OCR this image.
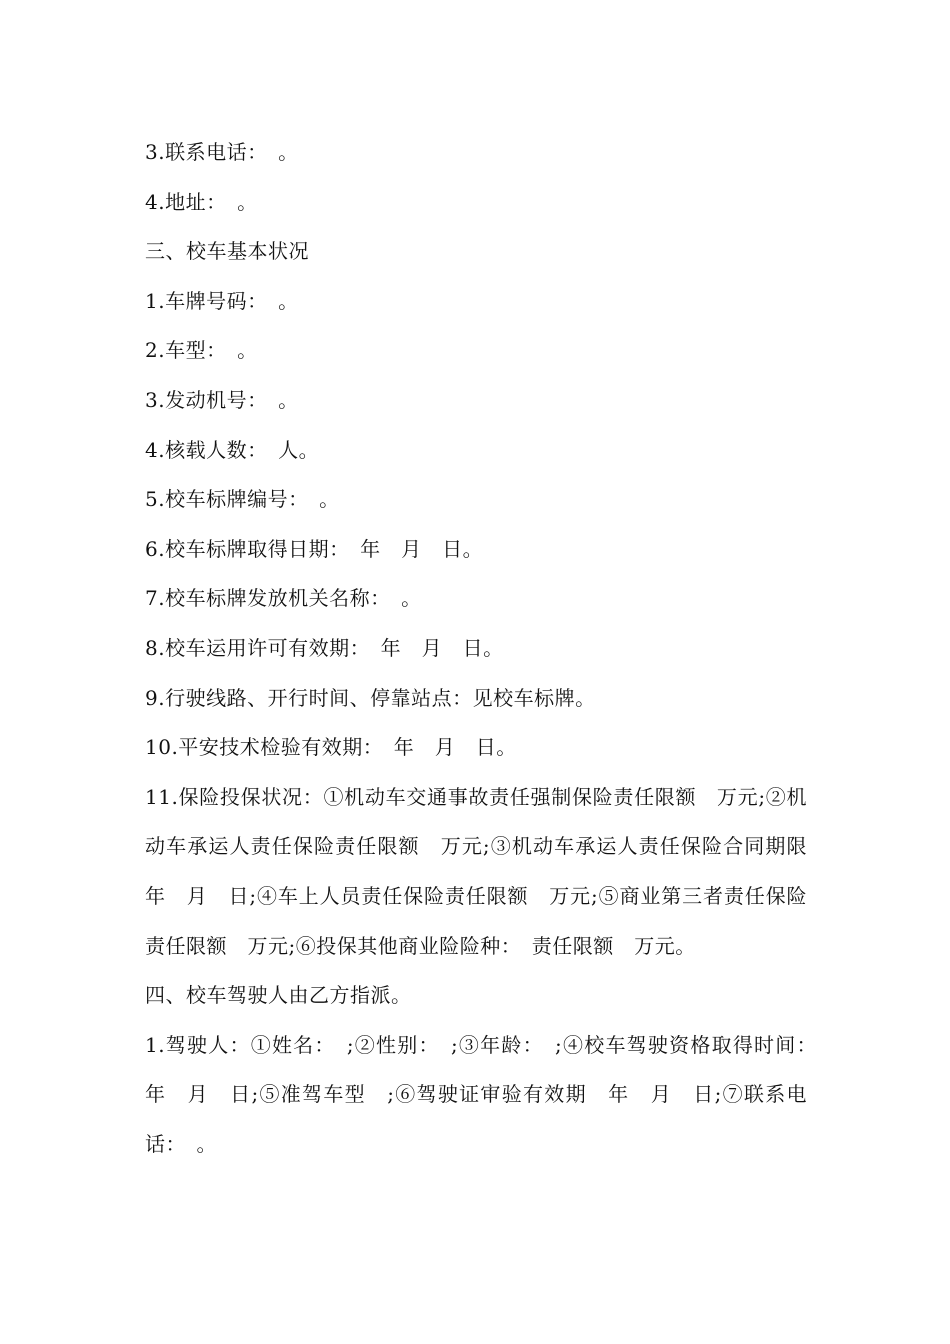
3.联系电话：　。
4.地址：　。
三、校车基本状况
1.车牌号码：　。
2.车型：　。
3.发动机号：　。
4.核载人数：　人。
5.校车标牌编号：　。
6.校车标牌取得日期：　年　月　日。
7.校车标牌发放机关名称：　。
8.校车运用许可有效期：　年　月　日。
9.行驶线路、开行时间、停靠站点：见校车标牌。
10.平安技术检验有效期：　年　月　日。
11.保险投保状况：①机动车交通事故责任强制保险责任限额　万元;②机动车承运人责任保险责任限额　万元;③机动车承运人责任保险合同期限　年　月　日;④车上人员责任保险责任限额　万元;⑤商业第三者责任保险责任限额　万元;⑥投保其他商业险险种：　责任限额　万元。
四、校车驾驶人由乙方指派。
1.驾驶人：①姓名：　;②性别：　;③年龄：　;④校车驾驶资格取得时间：　年　月　日;⑤准驾车型　;⑥驾驶证审验有效期　年　月　日;⑦联系电话：　。
